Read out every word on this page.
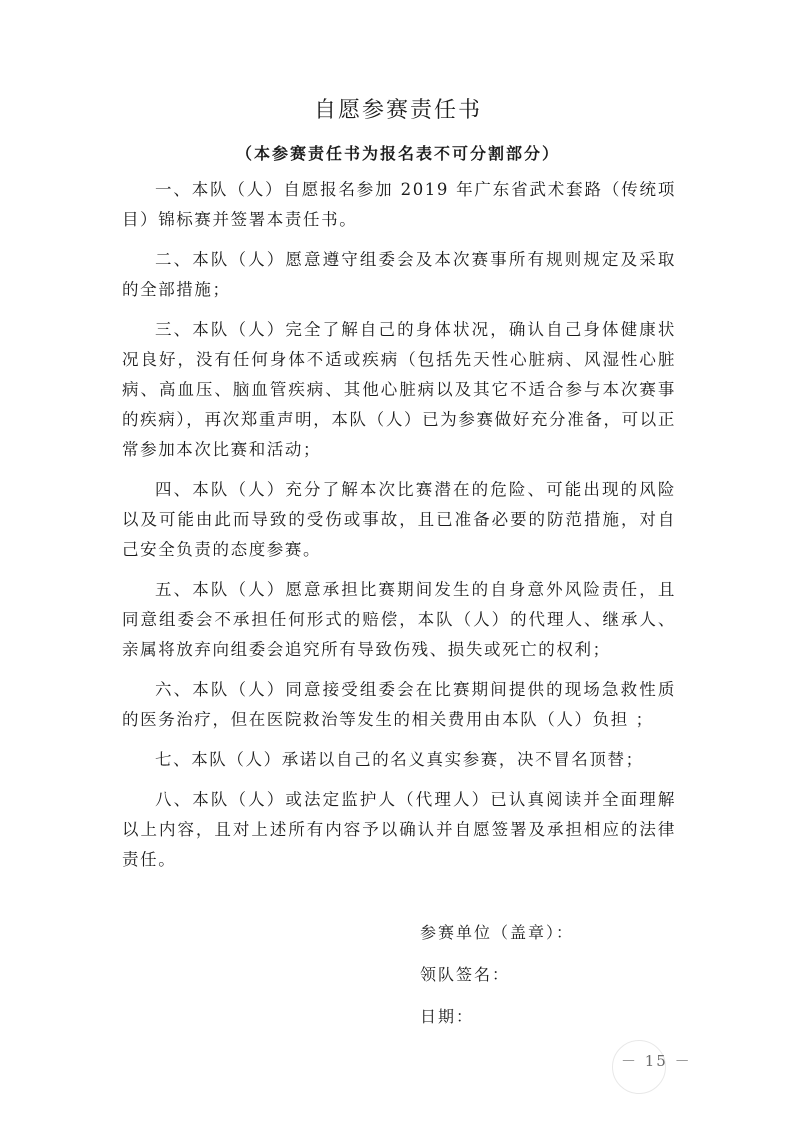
自愿参赛责任书
（本参赛责任书为报名表不可分割部分）

一、本队（人）自愿报名参加 2019 年广东省武术套路（传统项目）锦标赛并签署本责任书。

二、本队（人）愿意遵守组委会及本次赛事所有规则规定及采取的全部措施；

三、本队（人）完全了解自己的身体状况，确认自己身体健康状况良好，没有任何身体不适或疾病（包括先天性心脏病、风湿性心脏病、高血压、脑血管疾病、其他心脏病以及其它不适合参与本次赛事的疾病），再次郑重声明，本队（人）已为参赛做好充分准备，可以正常参加本次比赛和活动；

四、本队（人）充分了解本次比赛潜在的危险、可能出现的风险以及可能由此而导致的受伤或事故，且已准备必要的防范措施，对自己安全负责的态度参赛。

五、本队（人）愿意承担比赛期间发生的自身意外风险责任，且同意组委会不承担任何形式的赔偿，本队（人）的代理人、继承人、亲属将放弃向组委会追究所有导致伤残、损失或死亡的权利；

六、本队（人）同意接受组委会在比赛期间提供的现场急救性质的医务治疗，但在医院救治等发生的相关费用由本队（人）负担 ；

七、本队（人）承诺以自己的名义真实参赛，决不冒名顶替；

八、本队（人）或法定监护人（代理人）已认真阅读并全面理解以上内容，且对上述所有内容予以确认并自愿签署及承担相应的法律责任。

参赛单位（盖章）：
领队签名：
日期：
－ 15 －
